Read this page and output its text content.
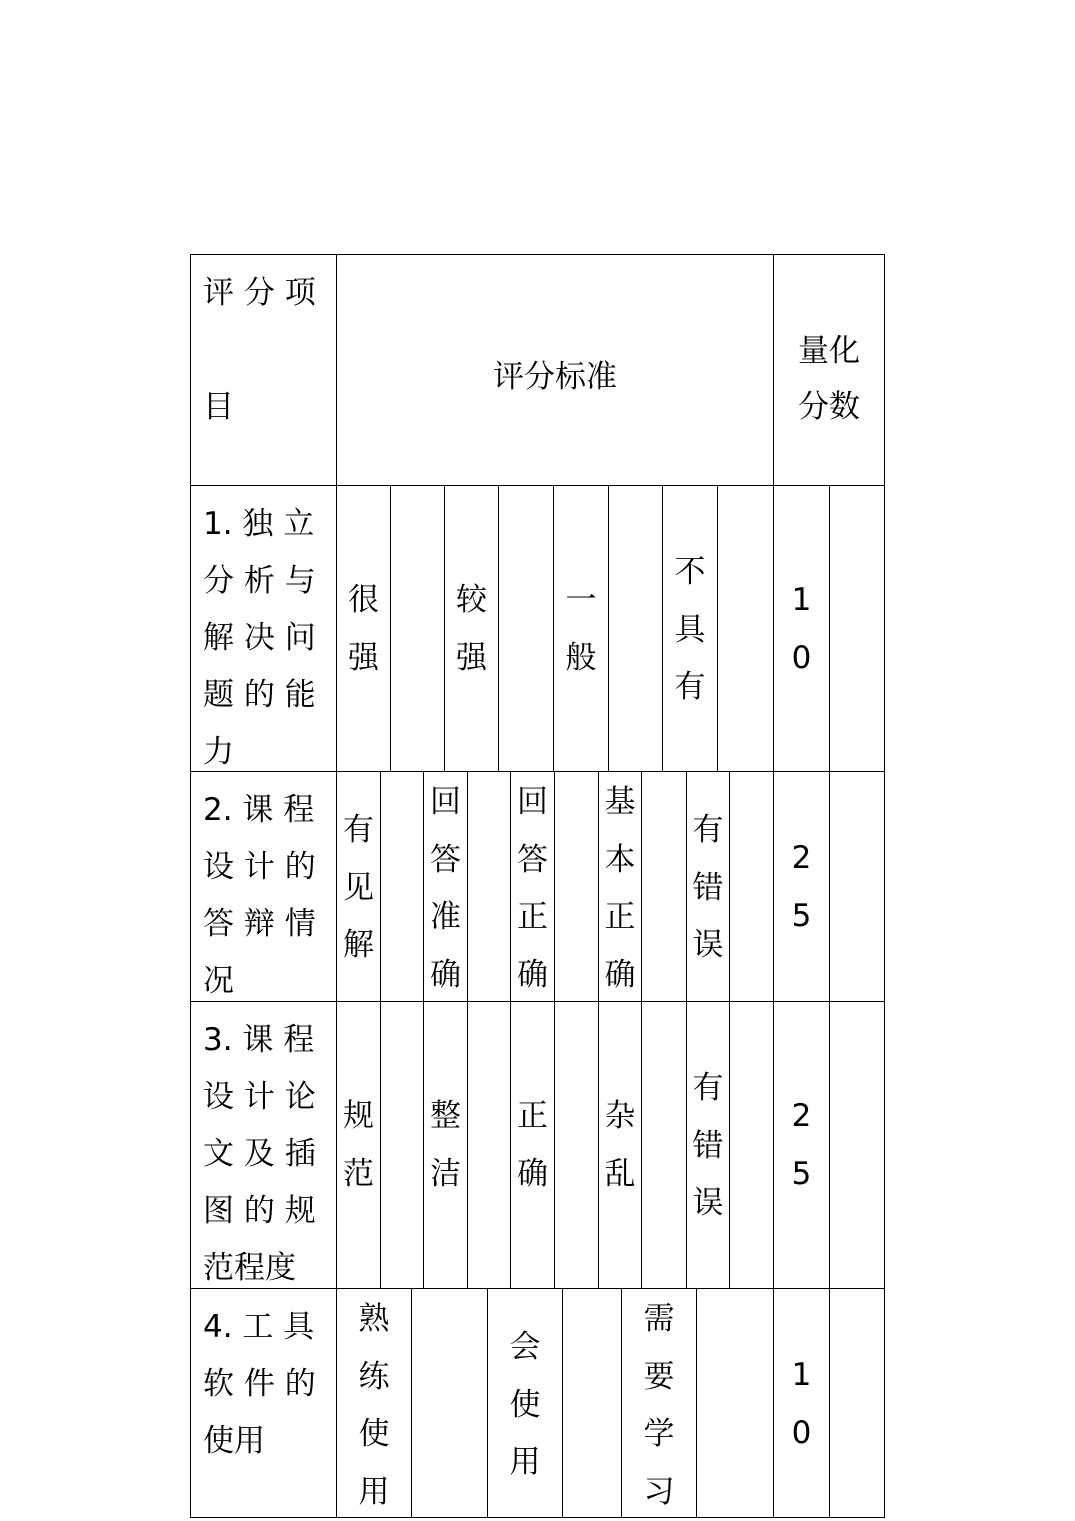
评 分 项
目
评分标准
量化
分数
1. 独 立
分 析 与
解 决 问
题 的 能
力
很
强
较
强
一
般
不
具
有
1
0
2. 课 程
设 计 的
答 辩 情
况
有
见
解
回
答
准
确
回
答
正
确
基
本
正
确
有
错
误
2
5
3. 课 程
设 计 论
文 及 插
图 的 规
范程度
规
范
整
洁
正
确
杂
乱
有
错
误
2
5
4. 工 具
软 件 的
使用
熟
练
使
用
会
使
用
需
要
学
习
1
0
